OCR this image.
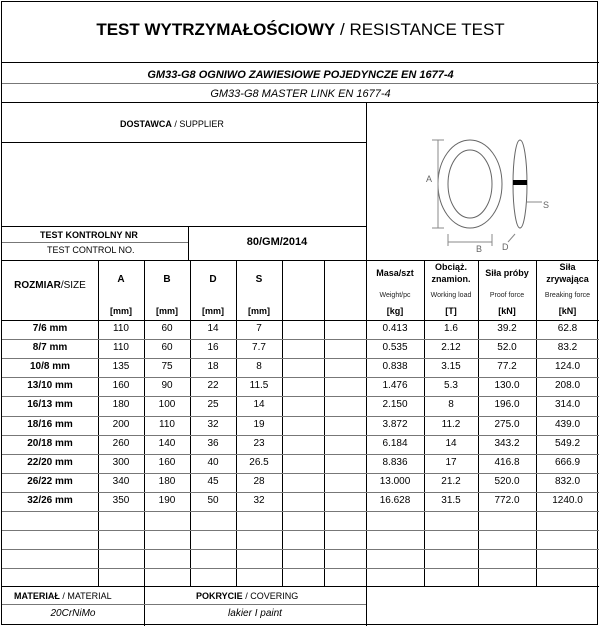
TEST WYTRZYMAŁOŚCIOWY / RESISTANCE TEST
GM33-G8 OGNIWO ZAWIESIOWE POJEDYNCZE EN 1677-4
GM33-G8 MASTER LINK EN 1677-4
DOSTAWCA / SUPPLIER
TEST KONTROLNY NR
TEST CONTROL NO.
80/GM/2014
A
B D
S
ROZMIAR/SIZE
A	B	D	S
[mm]	[mm]	[mm]	[mm]
Masa/szt
Weight/pc
[kg]
Obciąż.
znamion.
Working load
[T]
Siła próby
Proof force
[kN]
Siła
zrywająca
Breaking force
[kN]
7/6 mm	110	60	14	7	0.413	1.6	39.2	62.8
8/7 mm	110	60	16	7.7	0.535	2.12	52.0	83.2
10/8 mm	135	75	18	8	0.838	3.15	77.2	124.0
13/10 mm	160	90	22	11.5	1.476	5.3	130.0	208.0
16/13 mm	180	100	25	14	2.150	8	196.0	314.0
18/16 mm	200	110	32	19	3.872	11.2	275.0	439.0
20/18 mm	260	140	36	23	6.184	14	343.2	549.2
22/20 mm	300	160	40	26.5	8.836	17	416.8	666.9
26/22 mm	340	180	45	28	13.000	21.2	520.0	832.0
32/26 mm	350	190	50	32	16.628	31.5	772.0	1240.0
MATERIAŁ / MATERIAL
20CrNiMo
POKRYCIE / COVERING
lakier I paint
